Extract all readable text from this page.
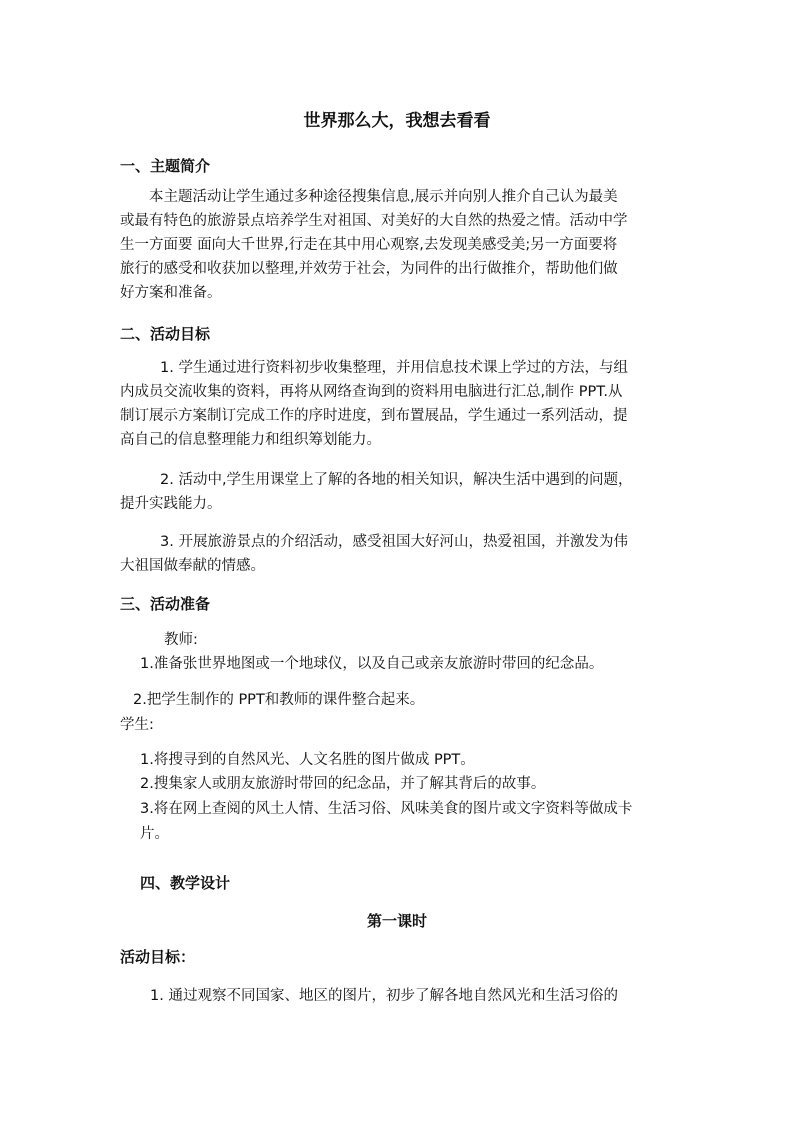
世界那么大，我想去看看
一、主题简介
本主题活动让学生通过多种途径搜集信息,展示并向别人推介自己认为最美
或最有特色的旅游景点培养学生对祖国、对美好的大自然的热爱之情。活动中学
生一方面要 面向大千世界,行走在其中用心观察,去发现美感受美;另一方面要将
旅行的感受和收获加以整理,并效劳于社会，为同件的出行做推介，帮助他们做
好方案和准备。
二、活动目标
1. 学生通过进行资料初步收集整理，并用信息技术课上学过的方法，与组
内成员交流收集的资料，再将从网络查询到的资料用电脑进行汇总,制作 PPT.从
制订展示方案制订完成工作的序时进度，到布置展品，学生通过一系列活动，提
高自己的信息整理能力和组织筹划能力。
2. 活动中,学生用课堂上了解的各地的相关知识，解决生活中遇到的问题，
提升实践能力。
3. 开展旅游景点的介绍活动，感受祖国大好河山，热爱祖国，并激发为伟
大祖国做奉献的情感。
三、活动准备
教师:
1.准备张世界地图或一个地球仪，以及自己或亲友旅游时带回的纪念品。
2.把学生制作的 PPT和教师的课件整合起来。
学生:
1.将搜寻到的自然风光、人文名胜的图片做成 PPT。
2.搜集家人或朋友旅游时带回的纪念品，并了解其背后的故事。
3.将在网上查阅的风土人情、生活习俗、风味美食的图片或文字资料等做成卡
片。
四、教学设计
第一课时
活动目标：
1. 通过观察不同国家、地区的图片，初步了解各地自然风光和生活习俗的
